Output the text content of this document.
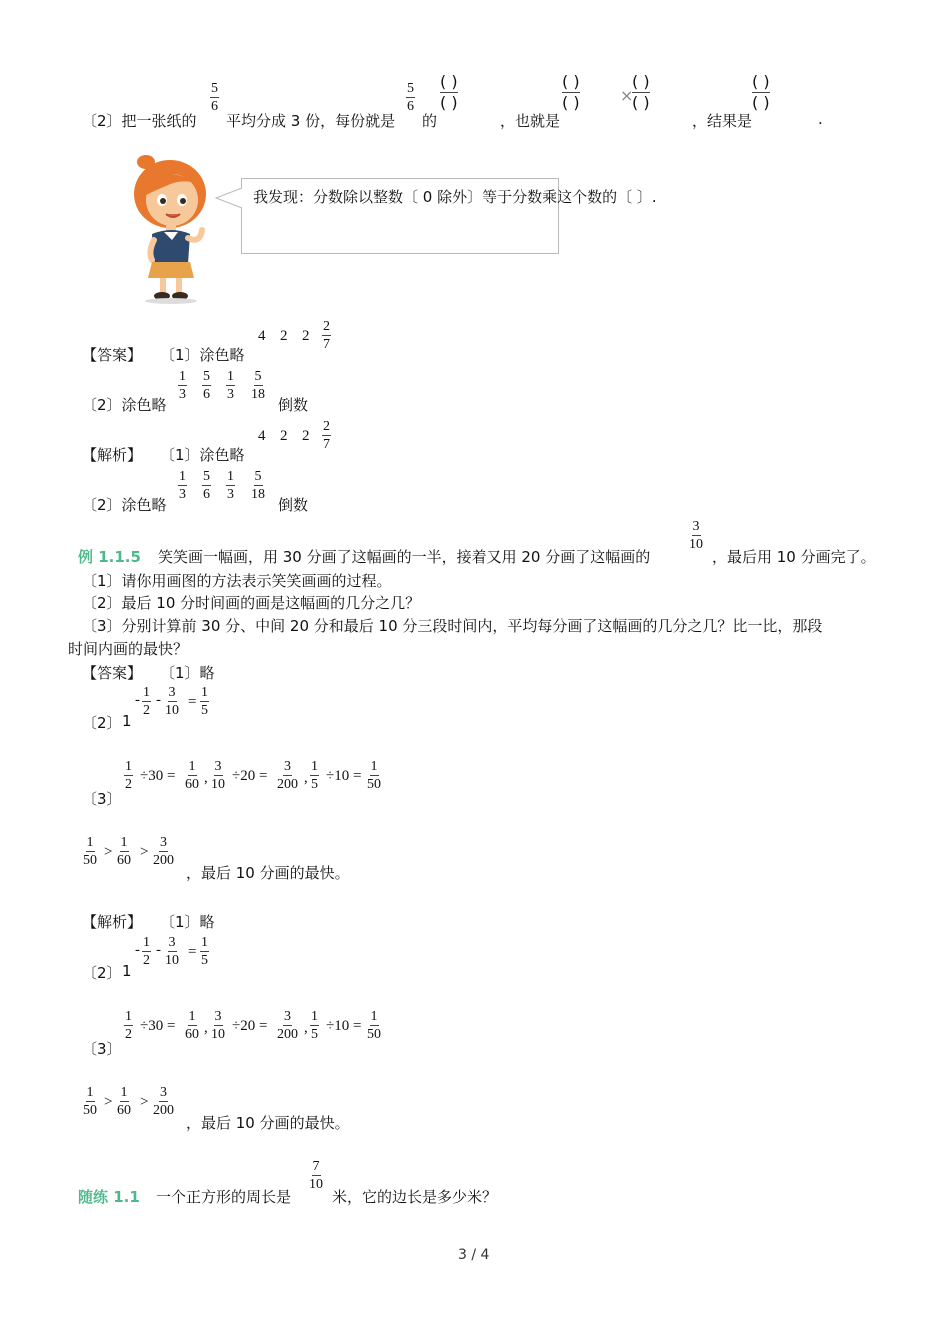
〔2〕把一张纸的
$\frac{5}{6}$
平均分成 3 份，每份就是
$\frac{5}{6}$
的
( )
( )
，也就是
( )
( )	×
( )
( )
，结果是
( )
( )
.
我发现：分数除以整数〔 0 除外〕等于分数乘这个数的〔 〕.
【答案】 〔1〕涂色略
4 2 $2 \frac{2}{7}$
〔2〕涂色略
$\frac{1}{3} \frac{5}{6} \frac{1}{3} \frac{5}{18}$
倒数
【解析】 〔1〕涂色略
4 2 $2 \frac{2}{7}$
〔2〕涂色略
$\frac{1}{3} \frac{5}{6} \frac{1}{3} \frac{5}{18}$
倒数
例 1.1.5 笑笑画一幅画，用 30 分画了这幅画的一半，接着又用 20 分画了这幅画的
$\frac{3}{10}$
，最后用 10 分画完了。
〔1〕请你用画图的方法表示笑笑画画的过程。
〔2〕最后 10 分时间画的画是这幅画的几分之几？
〔3〕分别计算前 30 分、中间 20 分和最后 10 分三段时间内，平均每分画了这幅画的几分之几？比一比，那段
时间内画的最快？
【答案】 〔1〕略
〔2〕 1
- $\frac{1}{2} - \frac{3}{10} = \frac{1}{5}$
〔3〕
$\frac{1}{2} \div 30 = \frac{1}{60}$ , $\frac{3}{10} \div 20 = \frac{3}{200}$ , $\frac{1}{5} \div 10 = \frac{1}{50}$
$\frac{1}{50} > \frac{1}{60} > \frac{3}{200}$
，最后 10 分画的最快。
【解析】 〔1〕略
〔2〕 1
- $\frac{1}{2} - \frac{3}{10} = \frac{1}{5}$
〔3〕
$\frac{1}{2} \div 30 = \frac{1}{60}$ , $\frac{3}{10} \div 20 = \frac{3}{200}$ , $\frac{1}{5} \div 10 = \frac{1}{50}$
$\frac{1}{50} > \frac{1}{60} > \frac{3}{200}$
，最后 10 分画的最快。
随练 1.1 一个正方形的周长是
$\frac{7}{10}$
米，它的边长是多少米？
3 / 4
